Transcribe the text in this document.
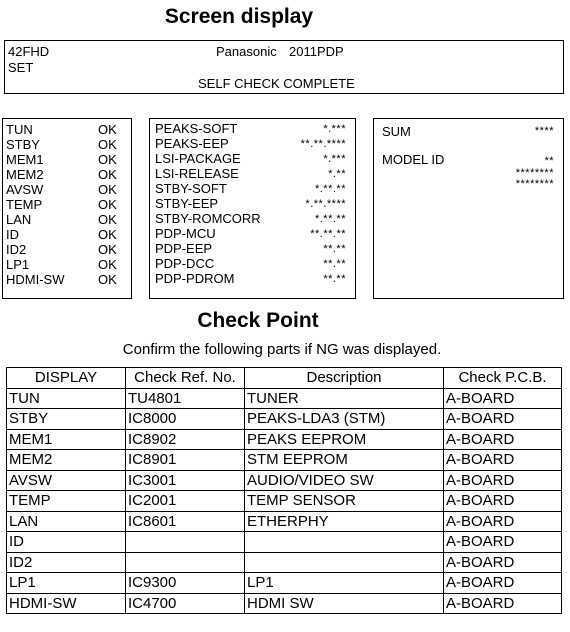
Screen display
42FHD
SET
Panasonic 2011PDP
SELF CHECK COMPLETE
TUN	OK
STBY	OK
MEM1	OK
MEM2	OK
AVSW	OK
TEMP	OK
LAN	OK
ID	OK
ID2	OK
LP1	OK
HDMI-SW	OK
PEAKS-SOFT	*.***
PEAKS-EEP	**.**.****
LSI-PACKAGE	*.***
LSI-RELEASE	*.**
STBY-SOFT	*.**.**
STBY-EEP	*.**.****
STBY-ROMCORR	*.**.**
PDP-MCU	**.**.**
PDP-EEP	**.**
PDP-DCC	**.**
PDP-PDROM	**.**
SUM	****
MODEL ID	**
********
********
Check Point
Confirm the following parts if NG was displayed.
DISPLAY	Check Ref. No.	Description	Check P.C.B.
TUN	TU4801	TUNER	A-BOARD
STBY	IC8000	PEAKS-LDA3 (STM)	A-BOARD
MEM1	IC8902	PEAKS EEPROM	A-BOARD
MEM2	IC8901	STM EEPROM	A-BOARD
AVSW	IC3001	AUDIO/VIDEO SW	A-BOARD
TEMP	IC2001	TEMP SENSOR	A-BOARD
LAN	IC8601	ETHERPHY	A-BOARD
ID			A-BOARD
ID2			A-BOARD
LP1	IC9300	LP1	A-BOARD
HDMI-SW	IC4700	HDMI SW	A-BOARD
